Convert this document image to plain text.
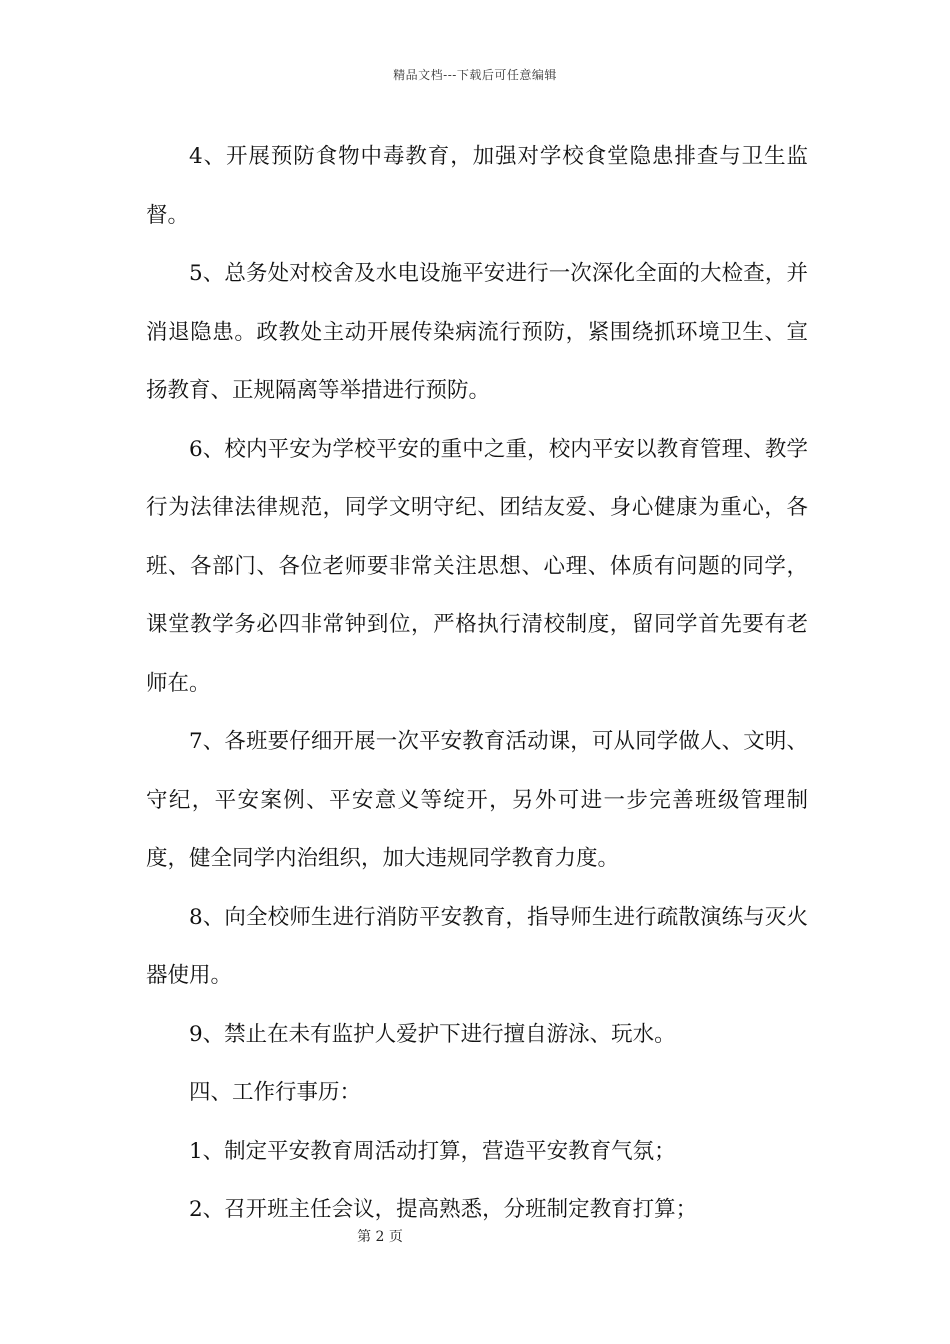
精品文档---下载后可任意编辑

4、开展预防食物中毒教育，加强对学校食堂隐患排查与卫生监督。

5、总务处对校舍及水电设施平安进行一次深化全面的大检查，并消退隐患。政教处主动开展传染病流行预防，紧围绕抓环境卫生、宣扬教育、正规隔离等举措进行预防。

6、校内平安为学校平安的重中之重，校内平安以教育管理、教学行为法律法律规范，同学文明守纪、团结友爱、身心健康为重心，各班、各部门、各位老师要非常关注思想、心理、体质有问题的同学，课堂教学务必四非常钟到位，严格执行清校制度，留同学首先要有老师在。

7、各班要仔细开展一次平安教育活动课，可从同学做人、文明、守纪，平安案例、平安意义等绽开，另外可进一步完善班级管理制度，健全同学内治组织，加大违规同学教育力度。

8、向全校师生进行消防平安教育，指导师生进行疏散演练与灭火器使用。

9、禁止在未有监护人爱护下进行擅自游泳、玩水。

四、工作行事历：

1、制定平安教育周活动打算，营造平安教育气氛；

2、召开班主任会议，提高熟悉，分班制定教育打算；

第 2 页
